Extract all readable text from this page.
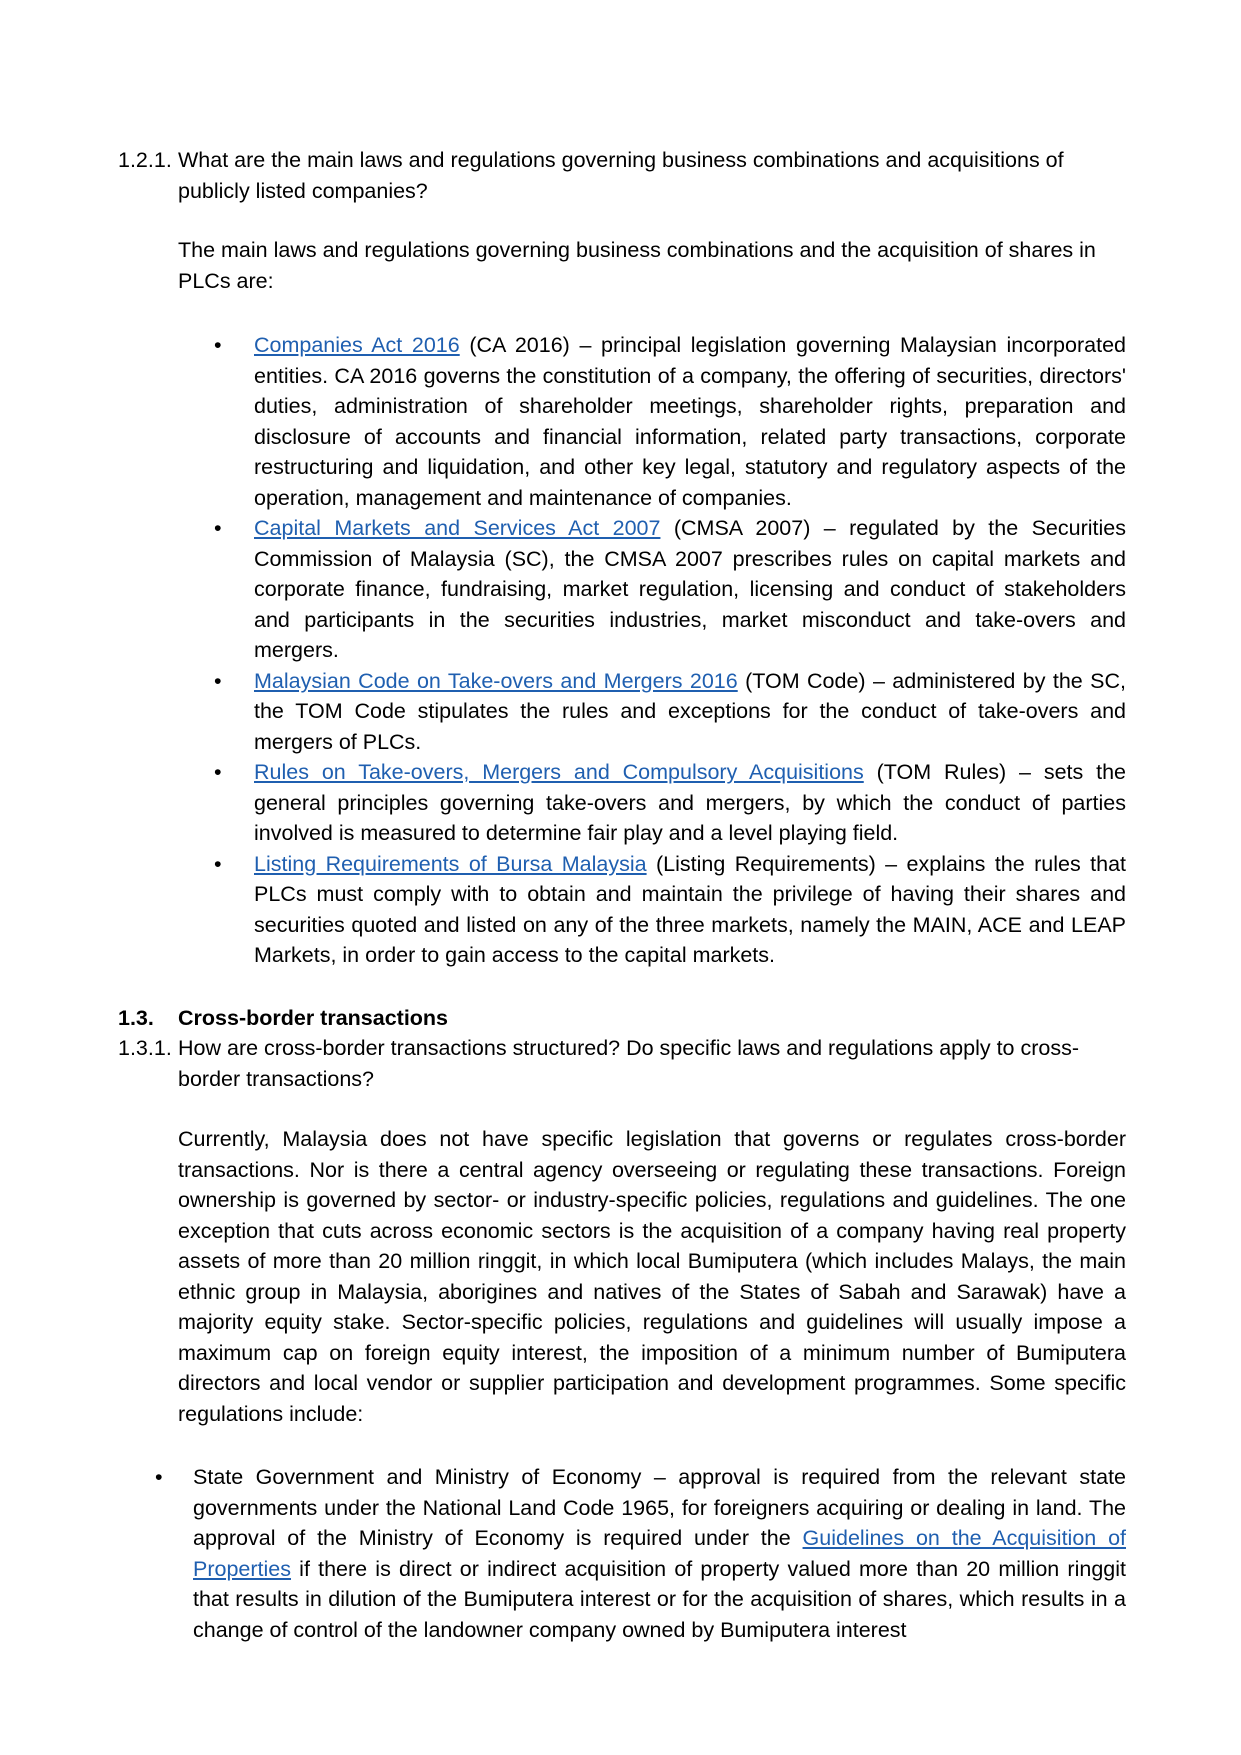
1.2.1. What are the main laws and regulations governing business combinations and acquisitions of publicly listed companies?
The main laws and regulations governing business combinations and the acquisition of shares in PLCs are:
• Companies Act 2016 (CA 2016) – principal legislation governing Malaysian incorporated entities. CA 2016 governs the constitution of a company, the offering of securities, directors' duties, administration of shareholder meetings, shareholder rights, preparation and disclosure of accounts and financial information, related party transactions, corporate restructuring and liquidation, and other key legal, statutory and regulatory aspects of the operation, management and maintenance of companies.
• Capital Markets and Services Act 2007 (CMSA 2007) – regulated by the Securities Commission of Malaysia (SC), the CMSA 2007 prescribes rules on capital markets and corporate finance, fundraising, market regulation, licensing and conduct of stakeholders and participants in the securities industries, market misconduct and take-overs and mergers.
• Malaysian Code on Take-overs and Mergers 2016 (TOM Code) – administered by the SC, the TOM Code stipulates the rules and exceptions for the conduct of take-overs and mergers of PLCs.
• Rules on Take-overs, Mergers and Compulsory Acquisitions (TOM Rules) – sets the general principles governing take-overs and mergers, by which the conduct of parties involved is measured to determine fair play and a level playing field.
• Listing Requirements of Bursa Malaysia (Listing Requirements) – explains the rules that PLCs must comply with to obtain and maintain the privilege of having their shares and securities quoted and listed on any of the three markets, namely the MAIN, ACE and LEAP Markets, in order to gain access to the capital markets.
1.3. Cross-border transactions
1.3.1. How are cross-border transactions structured? Do specific laws and regulations apply to cross-border transactions?
Currently, Malaysia does not have specific legislation that governs or regulates cross-border transactions. Nor is there a central agency overseeing or regulating these transactions. Foreign ownership is governed by sector- or industry-specific policies, regulations and guidelines. The one exception that cuts across economic sectors is the acquisition of a company having real property assets of more than 20 million ringgit, in which local Bumiputera (which includes Malays, the main ethnic group in Malaysia, aborigines and natives of the States of Sabah and Sarawak) have a majority equity stake. Sector-specific policies, regulations and guidelines will usually impose a maximum cap on foreign equity interest, the imposition of a minimum number of Bumiputera directors and local vendor or supplier participation and development programmes. Some specific regulations include:
• State Government and Ministry of Economy – approval is required from the relevant state governments under the National Land Code 1965, for foreigners acquiring or dealing in land. The approval of the Ministry of Economy is required under the Guidelines on the Acquisition of Properties if there is direct or indirect acquisition of property valued more than 20 million ringgit that results in dilution of the Bumiputera interest or for the acquisition of shares, which results in a change of control of the landowner company owned by Bumiputera interest
